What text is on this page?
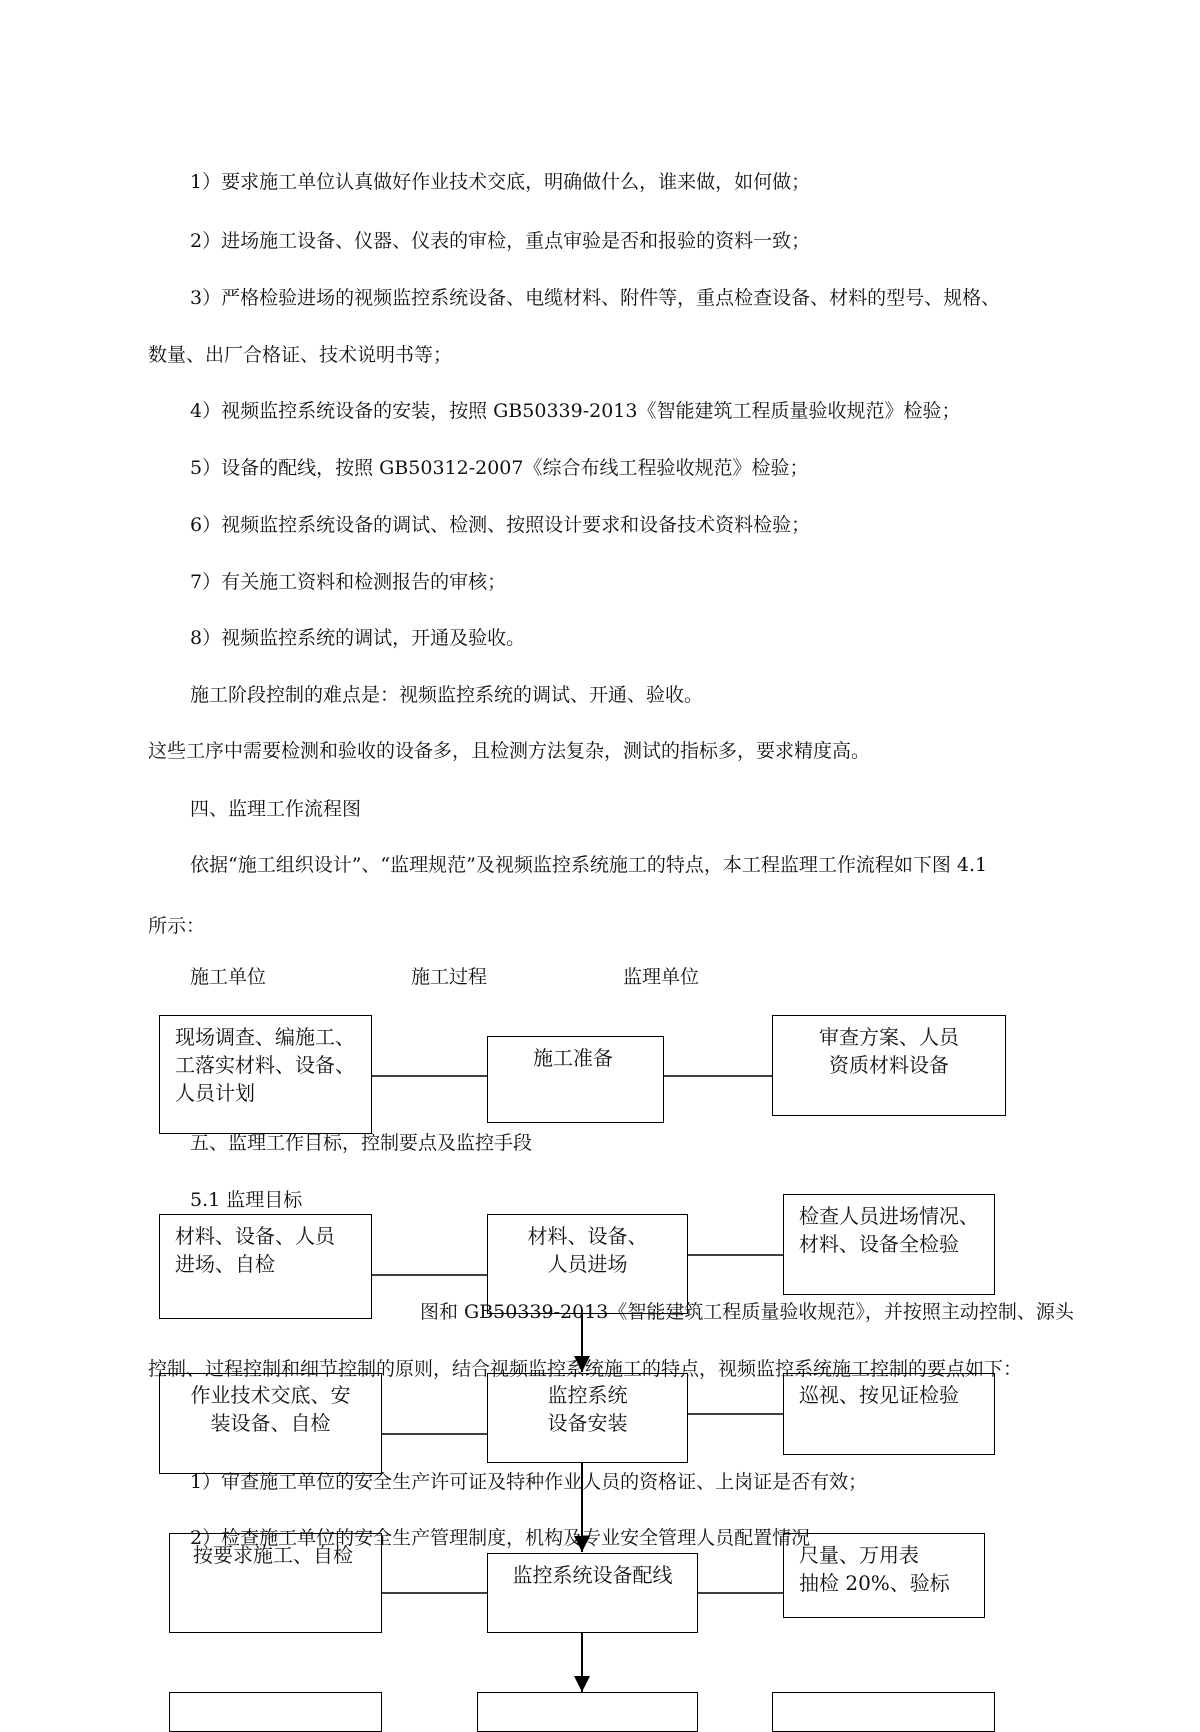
1）要求施工单位认真做好作业技术交底，明确做什么，谁来做，如何做；

2）进场施工设备、仪器、仪表的审检，重点审验是否和报验的资料一致；

3）严格检验进场的视频监控系统设备、电缆材料、附件等，重点检查设备、材料的型号、规格、

数量、出厂合格证、技术说明书等；

4）视频监控系统设备的安装，按照 GB50339-2013《智能建筑工程质量验收规范》检验；

5）设备的配线，按照 GB50312-2007《综合布线工程验收规范》检验；

6）视频监控系统设备的调试、检测、按照设计要求和设备技术资料检验；

7）有关施工资料和检测报告的审核；

8）视频监控系统的调试，开通及验收。

施工阶段控制的难点是：视频监控系统的调试、开通、验收。

这些工序中需要检测和验收的设备多，且检测方法复杂，测试的指标多，要求精度高。

四、监理工作流程图

依据“施工组织设计”、“监理规范”及视频监控系统施工的特点，本工程监理工作流程如下图 4.1

所示：

施工单位	施工过程	监理单位
五、监理工作目标，控制要点及监控手段
5.1 监理目标
图和 GB50339-2013《智能建筑工程质量验收规范》，并按照主动控制、源头
控制、过程控制和细节控制的原则，结合视频监控系统施工的特点，视频监控系统施工控制的要点如下：
1）审查施工单位的安全生产许可证及特种作业人员的资格证、上岗证是否有效；
2）检查施工单位的安全生产管理制度，机构及专业安全管理人员配置情况
现场调查、编施工、
工落实材料、设备、
人员计划
施工准备
审查方案、人员
资质材料设备
材料、设备、人员
进场、自检
材料、设备、
人员进场
检查人员进场情况、
材料、设备全检验
作业技术交底、安
装设备、自检
监控系统
设备安装
巡视、按见证检验
按要求施工、自检
监控系统设备配线
尺量、万用表
抽检 20%、验标
